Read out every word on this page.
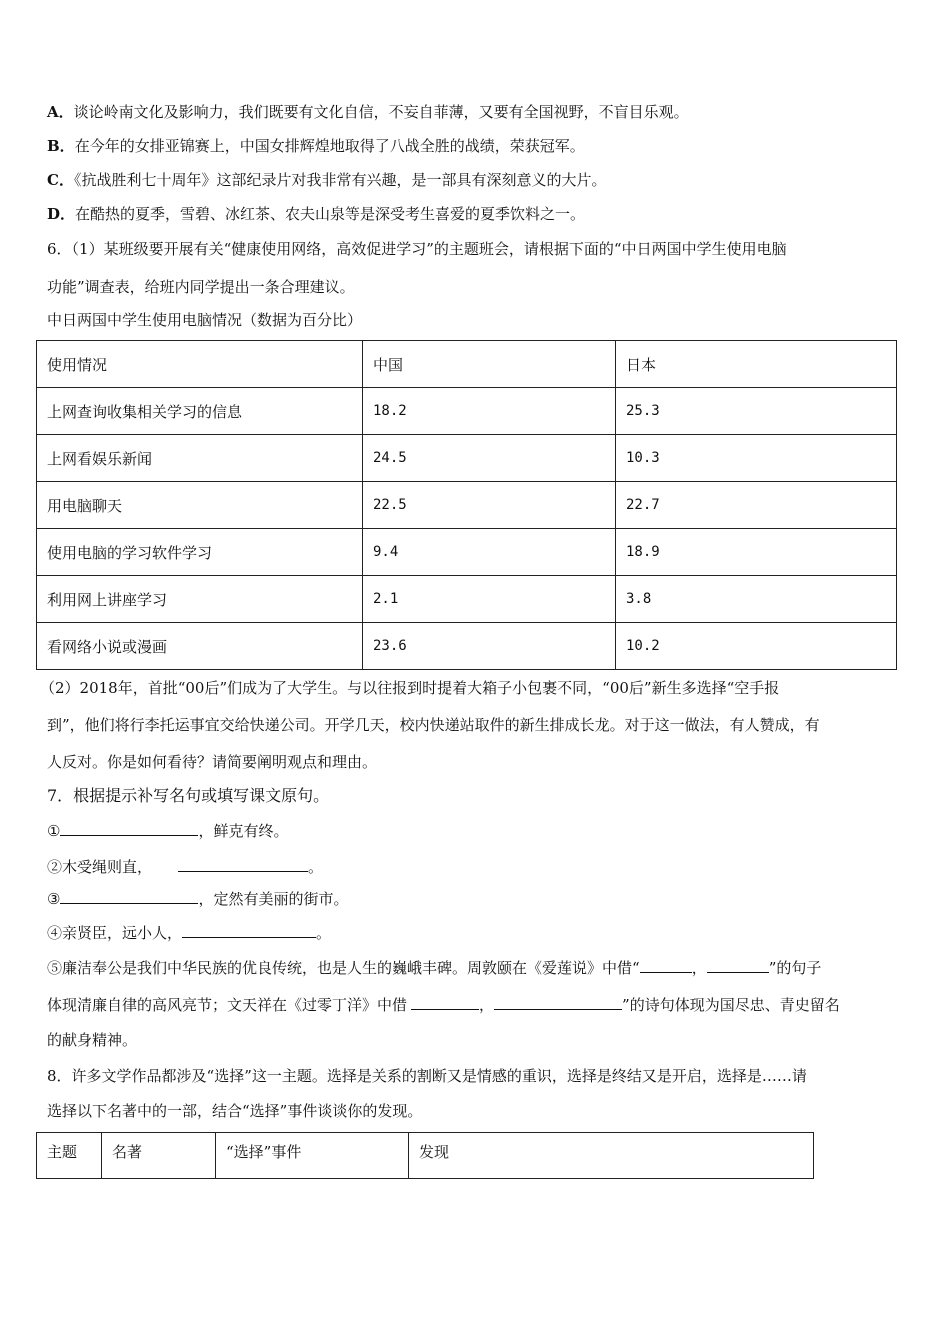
A．谈论岭南文化及影响力，我们既要有文化自信，不妄自菲薄，又要有全国视野，不盲目乐观。
B．在今年的女排亚锦赛上，中国女排辉煌地取得了八战全胜的战绩，荣获冠军。
C．《抗战胜利七十周年》这部纪录片对我非常有兴趣，是一部具有深刻意义的大片。
D．在酷热的夏季，雪碧、冰红茶、农夫山泉等是深受考生喜爱的夏季饮料之一。
6．（1）某班级要开展有关“健康使用网络，高效促进学习”的主题班会，请根据下面的“中日两国中学生使用电脑
功能”调查表，给班内同学提出一条合理建议。
中日两国中学生使用电脑情况（数据为百分比）
使用情况	中国	日本
上网查询收集相关学习的信息	18.2	25.3
上网看娱乐新闻	24.5	10.3
用电脑聊天	22.5	22.7
使用电脑的学习软件学习	9.4	18.9
利用网上讲座学习	2.1	3.8
看网络小说或漫画	23.6	10.2
（2）2018年，首批“00后”们成为了大学生。与以往报到时提着大箱子小包裹不同，“00后”新生多选择“空手报
到”，他们将行李托运事宜交给快递公司。开学几天，校内快递站取件的新生排成长龙。对于这一做法，有人赞成，有
人反对。你是如何看待？请简要阐明观点和理由。
7．根据提示补写名句或填写课文原句。
①	，鲜克有终。
②木受绳则直，	。
③	，定然有美丽的街市。
④亲贤臣，远小人，	。
⑤廉洁奉公是我们中华民族的优良传统，也是人生的巍峨丰碑。周敦颐在《爱莲说》中借“	，	”的句子
体现清廉自律的高风亮节；文天祥在《过零丁洋》中借	，	”的诗句体现为国尽忠、青史留名
的献身精神。
8．许多文学作品都涉及“选择”这一主题。选择是关系的割断又是情感的重识，选择是终结又是开启，选择是……请
选择以下名著中的一部，结合“选择”事件谈谈你的发现。
主题	名著	“选择”事件	发现
